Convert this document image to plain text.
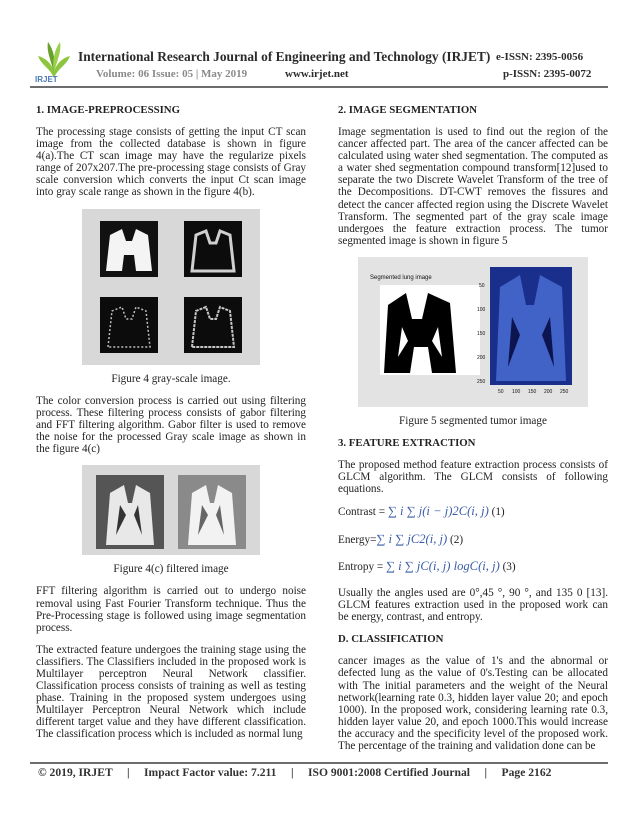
IRJET
International Research Journal of Engineering and Technology (IRJET) e-ISSN: 2395-0056
Volume: 06 Issue: 05 | May 2019	www.irjet.net	p-ISSN: 2395-0072
1. IMAGE-PREPROCESSING

The processing stage consists of getting the input CT scan image from the collected database is shown in figure 4(a).The CT scan image may have the regularize pixels range of 207x207.The pre-processing stage consists of Gray scale conversion which converts the input Ct scan image into gray scale range as shown in the figure 4(b).

Figure 4 gray-scale image.

The color conversion process is carried out using filtering process. These filtering process consists of gabor filtering and FFT filtering algorithm. Gabor filter is used to remove the noise for the processed Gray scale image as shown in the figure 4(c)

Figure 4(c) filtered image

FFT filtering algorithm is carried out to undergo noise removal using Fast Fourier Transform technique. Thus the Pre-Processing stage is followed using image segmentation process.

The extracted feature undergoes the training stage using the classifiers. The Classifiers included in the proposed work is Multilayer perceptron Neural Network classifier. Classification process consists of training as well as testing phase. Training in the proposed system undergoes using Multilayer Perceptron Neural Network which include different target value and they have different classification. The classification process which is included as normal lung

2. IMAGE SEGMENTATION

Image segmentation is used to find out the region of the cancer affected part. The area of the cancer affected can be calculated using water shed segmentation. The computed as a water shed segmentation compound transform[12]used to separate the two Discrete Wavelet Transform of the tree of the Decompositions. DT-CWT removes the fissures and detect the cancer affected region using the Discrete Wavelet Transform. The segmented part of the gray scale image undergoes the feature extraction process. The tumor segmented image is shown in figure 5

Segmented lung image
50
100
150
200
250
50 100 150 200 250
Figure 5 segmented tumor image
3. FEATURE EXTRACTION

The proposed method feature extraction process consists of GLCM algorithm. The GLCM consists of following equations.

Contrast = ∑ i ∑ j(i − j)2C(i, j) (1)
Energy=∑ i ∑ jC2(i, j) (2)
Entropy = ∑ i ∑ jC(i, j) logC(i, j) (3)

Usually the angles used are 0°,45 °, 90 °, and 135 0 [13]. GLCM features extraction used in the proposed work can be energy, contrast, and entropy.

D. CLASSIFICATION

cancer images as the value of 1's and the abnormal or defected lung as the value of 0's.Testing can be allocated with The initial parameters and the weight of the Neural network(learning rate 0.3, hidden layer value 20; and epoch 1000). In the proposed work, considering learning rate 0.3, hidden layer value 20, and epoch 1000.This would increase the accuracy and the specificity level of the proposed work. The percentage of the training and validation done can be

© 2019, IRJET     |     Impact Factor value: 7.211     |     ISO 9001:2008 Certified Journal     |     Page 2162
